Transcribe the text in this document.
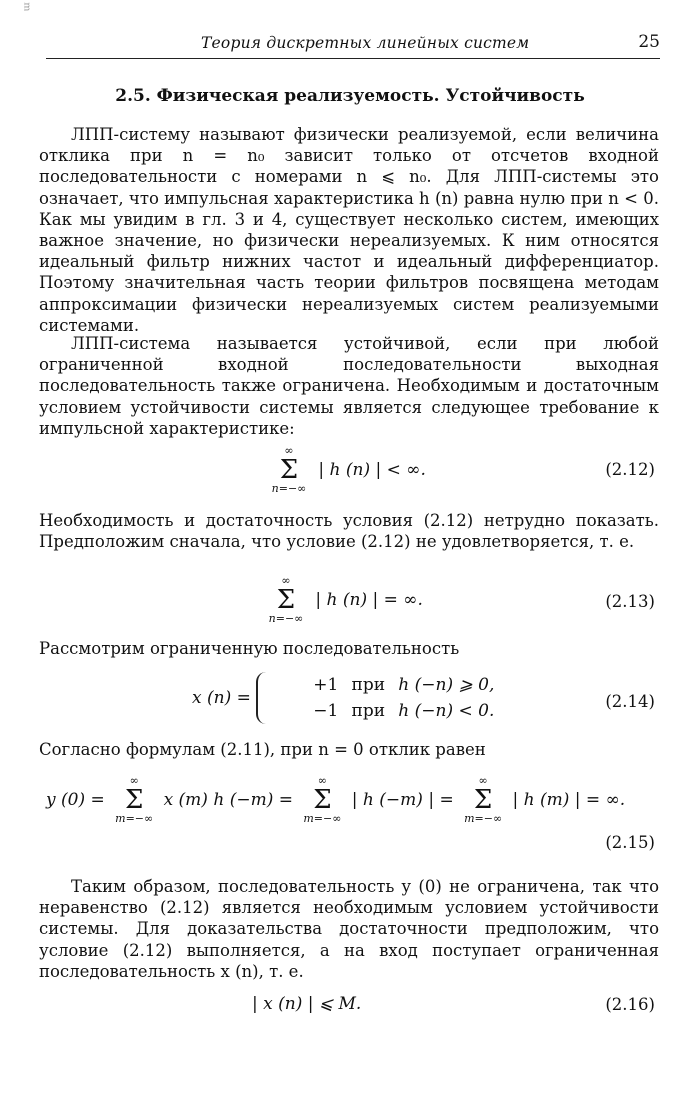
ᴟ
Теория дискретных линейных систем	25
2.5. Физическая реализуемость. Устойчивость

ЛПП-систему называют физически реализуемой, если величина отклика при n = n₀ зависит только от отсчетов входной последовательности с номерами n ⩽ n₀. Для ЛПП-системы это означает, что импульсная характеристика h (n) равна нулю при n < 0. Как мы увидим в гл. 3 и 4, существует несколько систем, имеющих важное значение, но физически нереализуемых. К ним относятся идеальный фильтр нижних частот и идеальный дифференциатор. Поэтому значительная часть теории фильтров посвящена методам аппроксимации физически нереализуемых систем реализуемыми системами.

ЛПП-система называется устойчивой, если при любой ограниченной входной последовательности выходная последовательность также ограничена. Необходимым и достаточным условием устойчивости системы является следующее требование к импульсной характеристике:

∞
Σ
n=−∞
| h (n) | < ∞.	(2.12)

Необходимость и достаточность условия (2.12) нетрудно показать. Предположим сначала, что условие (2.12) не удовлетворяется, т. е.

∞
Σ
n=−∞
| h (n) | = ∞.	(2.13)

Рассмотрим ограниченную последовательность

x (n) = +1 при h (−n) ⩾ 0,
−1 при h (−n) < 0.	(2.14)

Согласно формулам (2.11), при n = 0 отклик равен

y (0) =
∞
Σ
m=−∞
x (m) h (−m) =
∞
Σ
m=−∞
| h (−m) | =
∞
Σ
m=−∞
| h (m) | = ∞.
(2.15)

Таким образом, последовательность y (0) не ограничена, так что неравенство (2.12) является необходимым условием устойчивости системы. Для доказательства достаточности предположим, что условие (2.12) выполняется, а на вход поступает ограниченная последовательность x (n), т. е.

| x (n) | ⩽ M.	(2.16)
